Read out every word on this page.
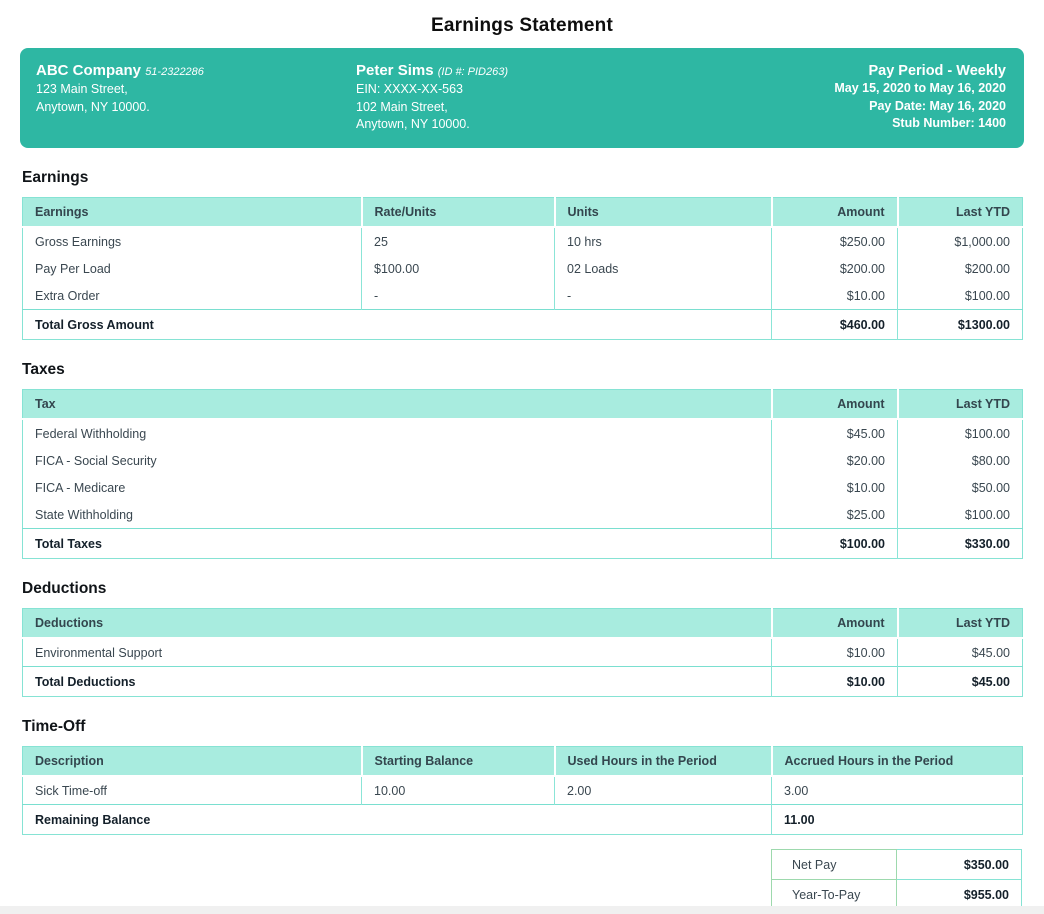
Earnings Statement
ABC Company 51-2322286
123 Main Street,
Anytown, NY 10000.
Peter Sims (ID #: PID263)
EIN: XXXX-XX-563
102 Main Street,
Anytown, NY 10000.
Pay Period - Weekly
May 15, 2020 to May 16, 2020
Pay Date: May 16, 2020
Stub Number: 1400
Earnings
Earnings	Rate/Units	Units	Amount	Last YTD
Gross Earnings	25	10 hrs	$250.00	$1,000.00
Pay Per Load	$100.00	02 Loads	$200.00	$200.00
Extra Order	-	-	$10.00	$100.00
Total Gross Amount			$460.00	$1300.00
Taxes
Tax	Amount	Last YTD
Federal Withholding	$45.00	$100.00
FICA - Social Security	$20.00	$80.00
FICA - Medicare	$10.00	$50.00
State Withholding	$25.00	$100.00
Total Taxes	$100.00	$330.00
Deductions
Deductions	Amount	Last YTD
Environmental Support	$10.00	$45.00
Total Deductions	$10.00	$45.00
Time-Off
Description	Starting Balance	Used Hours in the Period	Accrued Hours in the Period
Sick Time-off	10.00	2.00	3.00
Remaining Balance			11.00
Net Pay	$350.00
Year-To-Pay	$955.00
